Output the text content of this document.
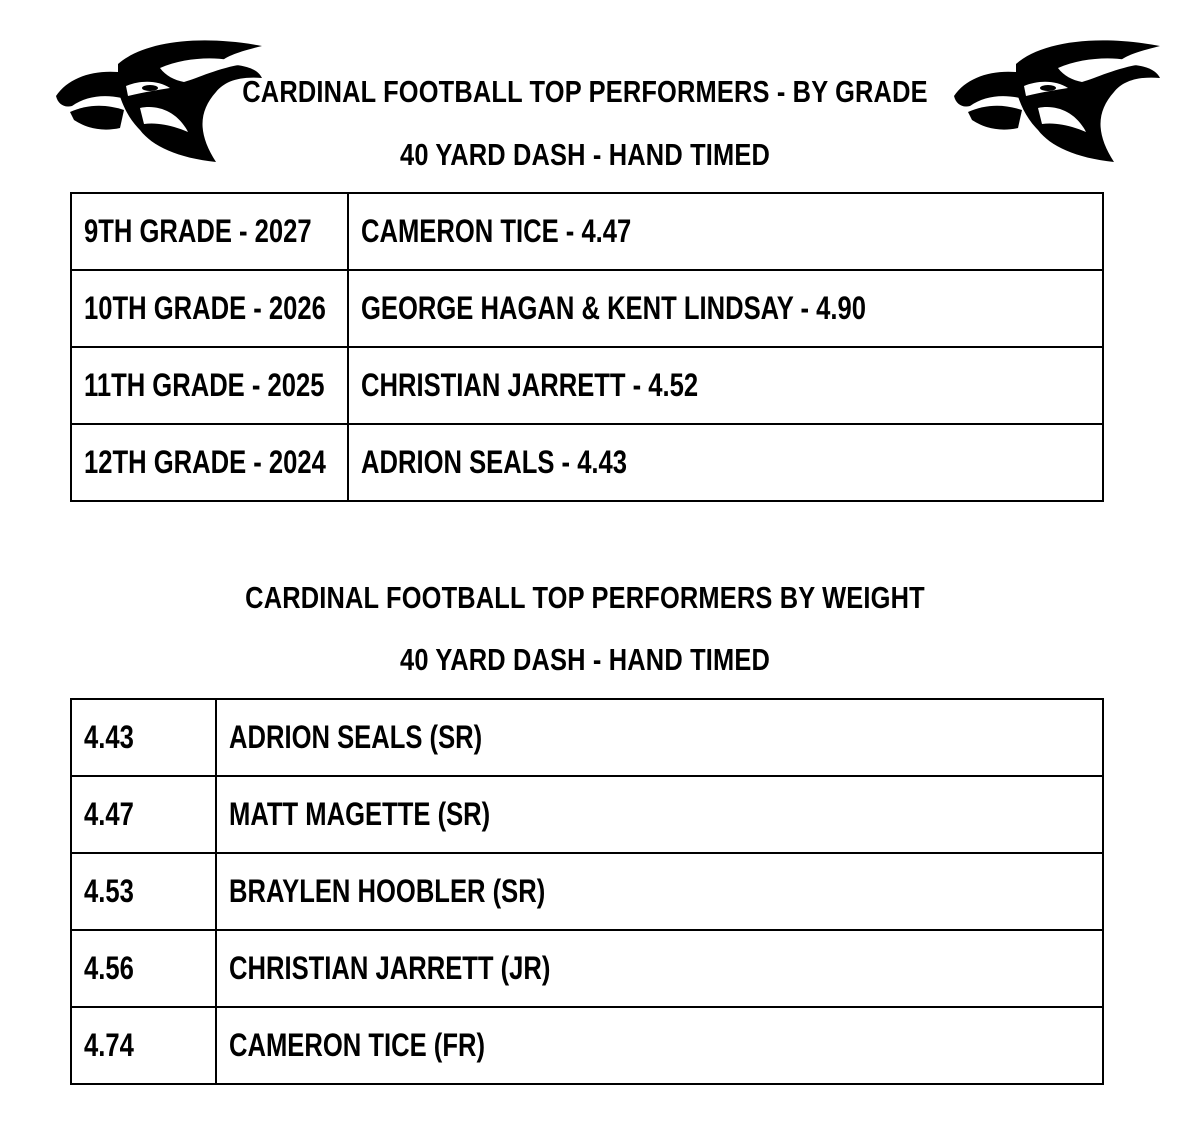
CARDINAL FOOTBALL TOP PERFORMERS - BY GRADE
40 YARD DASH - HAND TIMED
9TH GRADE - 2027	CAMERON TICE - 4.47
10TH GRADE - 2026	GEORGE HAGAN & KENT LINDSAY - 4.90
11TH GRADE - 2025	CHRISTIAN JARRETT - 4.52
12TH GRADE - 2024	ADRION SEALS - 4.43
CARDINAL FOOTBALL TOP PERFORMERS BY WEIGHT
40 YARD DASH - HAND TIMED
4.43	ADRION SEALS (SR)
4.47	MATT MAGETTE (SR)
4.53	BRAYLEN HOOBLER (SR)
4.56	CHRISTIAN JARRETT (JR)
4.74	CAMERON TICE (FR)
